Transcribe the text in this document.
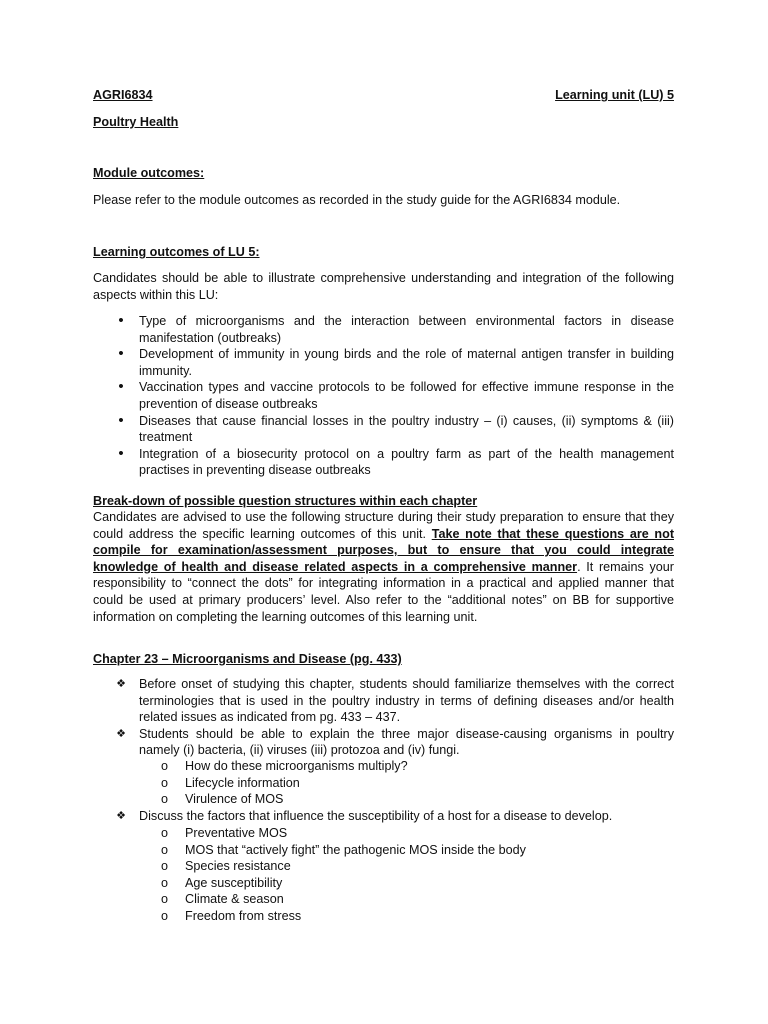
AGRI6834	Learning unit (LU) 5
Poultry Health
Module outcomes:
Please refer to the module outcomes as recorded in the study guide for the AGRI6834 module.
Learning outcomes of LU 5:
Candidates should be able to illustrate comprehensive understanding and integration of the following aspects within this LU:
•	Type of microorganisms and the interaction between environmental factors in disease manifestation (outbreaks)
•	Development of immunity in young birds and the role of maternal antigen transfer in building immunity.
•	Vaccination types and vaccine protocols to be followed for effective immune response in the prevention of disease outbreaks
•	Diseases that cause financial losses in the poultry industry – (i) causes, (ii) symptoms & (iii) treatment
•	Integration of a biosecurity protocol on a poultry farm as part of the health management practises in preventing disease outbreaks
Break-down of possible question structures within each chapter

Candidates are advised to use the following structure during their study preparation to ensure that they could address the specific learning outcomes of this unit. Take note that these questions are not compile for examination/assessment purposes, but to ensure that you could integrate knowledge of health and disease related aspects in a comprehensive manner. It remains your responsibility to “connect the dots” for integrating information in a practical and applied manner that could be used at primary producers’ level. Also refer to the “additional notes” on BB for supportive information on completing the learning outcomes of this learning unit.

Chapter 23 – Microorganisms and Disease (pg. 433)
❖ Before onset of studying this chapter, students should familiarize themselves with the correct terminologies that is used in the poultry industry in terms of defining diseases and/or health related issues as indicated from pg. 433 – 437.
❖ Students should be able to explain the three major disease-causing organisms in poultry namely (i) bacteria, (ii) viruses (iii) protozoa and (iv) fungi.
o How do these microorganisms multiply?
o Lifecycle information
o Virulence of MOS
❖ Discuss the factors that influence the susceptibility of a host for a disease to develop.
o Preventative MOS
o MOS that “actively fight” the pathogenic MOS inside the body
o Species resistance
o Age susceptibility
o Climate & season
o Freedom from stress
